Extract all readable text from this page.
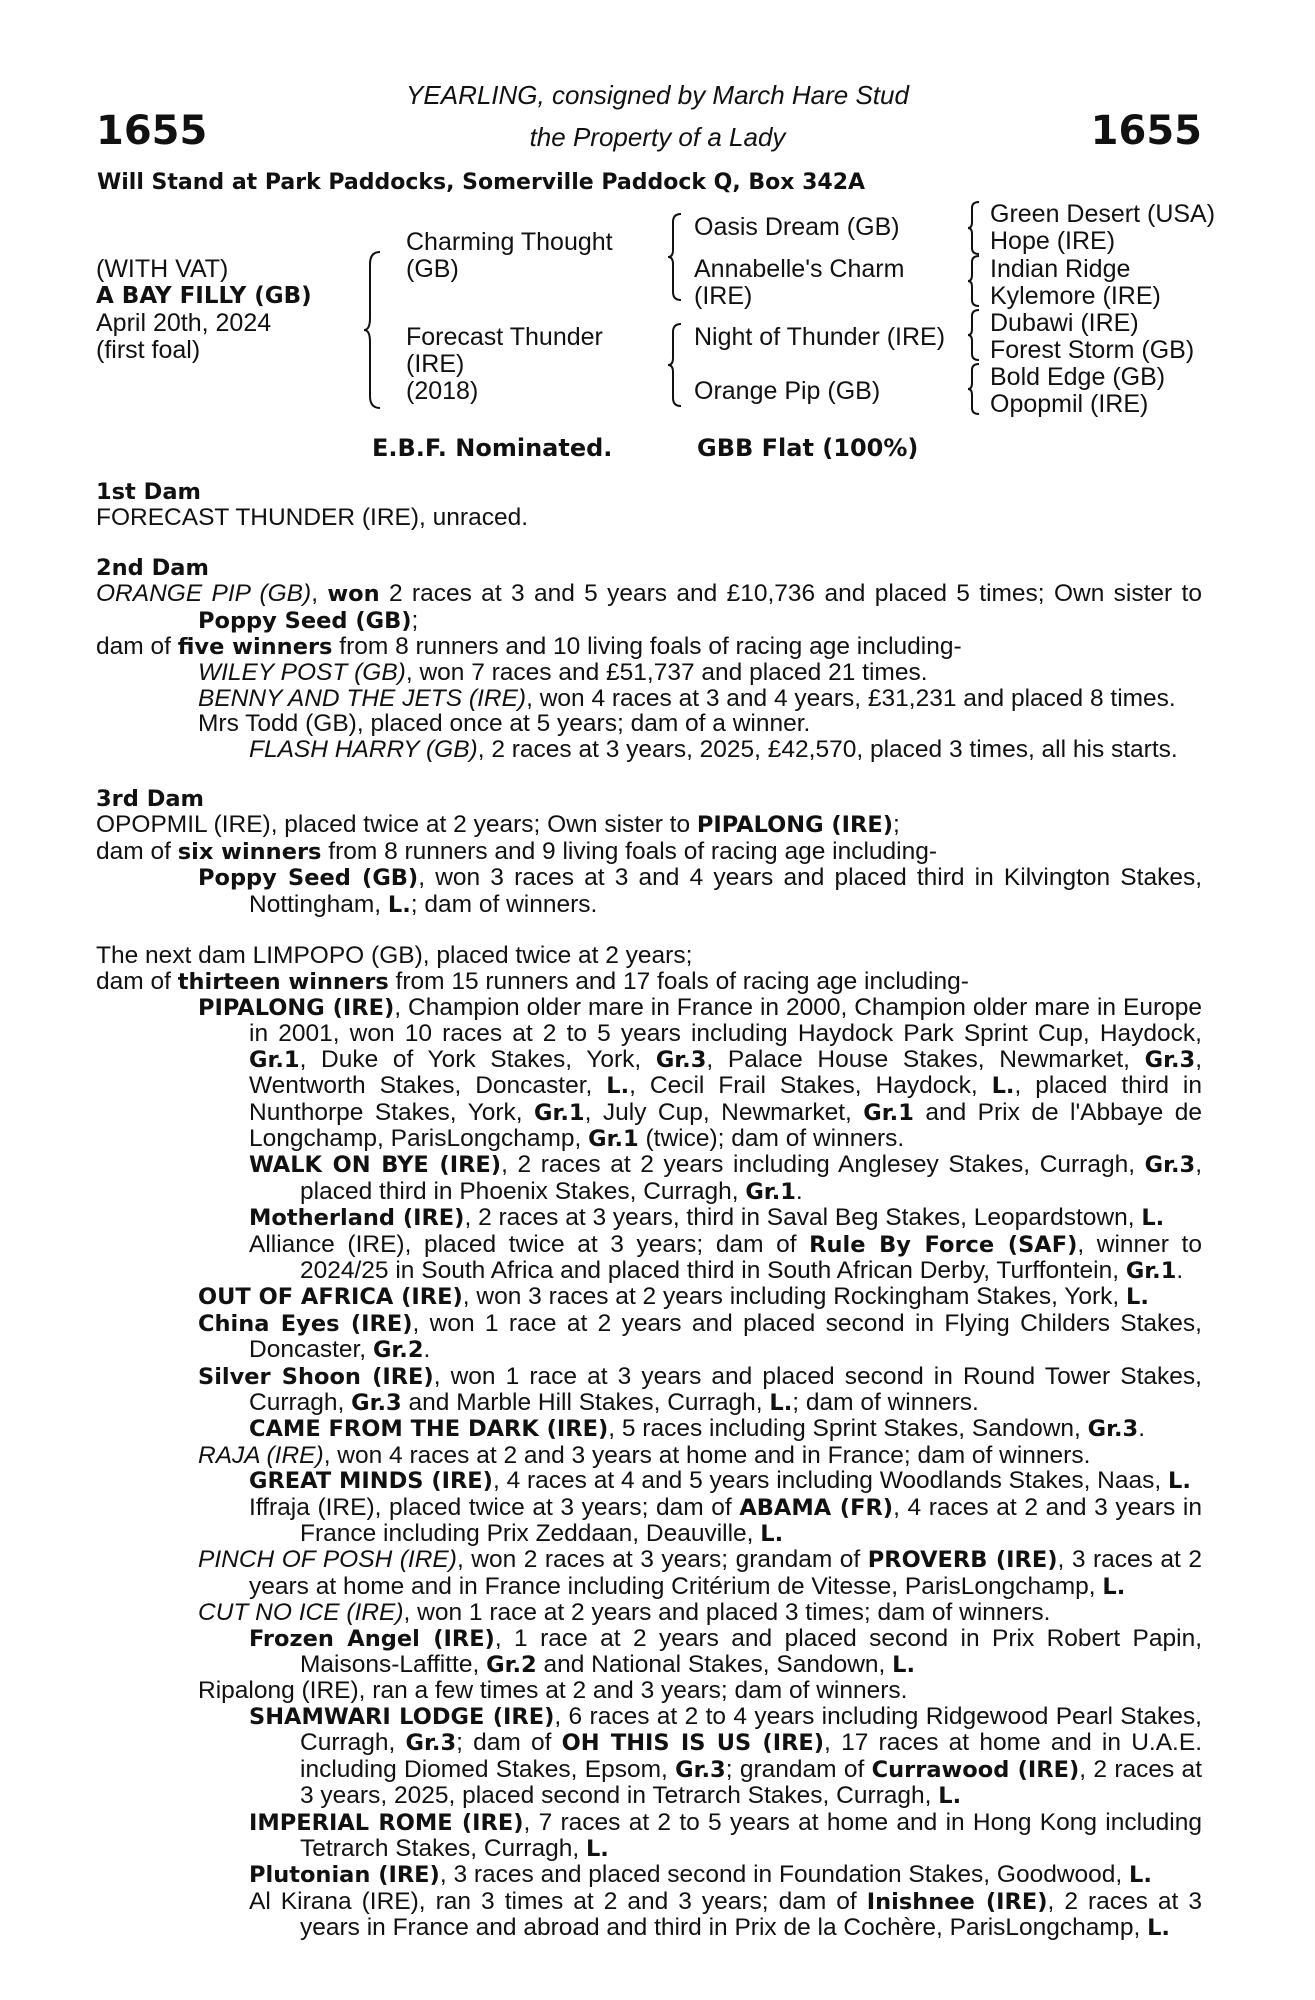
1655	1655
YEARLING, consigned by March Hare Stud
the Property of a Lady
Will Stand at Park Paddocks, Somerville Paddock Q, Box 342A
(WITH VAT)
A BAY FILLY (GB)
April 20th, 2024
(first foal)
Charming Thought
(GB)
Forecast Thunder
(IRE)
(2018)
Oasis Dream (GB)
Annabelle's Charm
(IRE)
Night of Thunder (IRE)
Orange Pip (GB)
Green Desert (USA)
Hope (IRE)
Indian Ridge
Kylemore (IRE)
Dubawi (IRE)
Forest Storm (GB)
Bold Edge (GB)
Opopmil (IRE)
E.B.F. Nominated.	GBB Flat (100%)

1st Dam

FORECAST THUNDER (IRE), unraced.

2nd Dam

ORANGE PIP (GB), won 2 races at 3 and 5 years and £10,736 and placed 5 times; Own sister to Poppy Seed (GB);

dam of five winners from 8 runners and 10 living foals of racing age including-

WILEY POST (GB), won 7 races and £51,737 and placed 21 times.

BENNY AND THE JETS (IRE), won 4 races at 3 and 4 years, £31,231 and placed 8 times.

Mrs Todd (GB), placed once at 5 years; dam of a winner.

FLASH HARRY (GB), 2 races at 3 years, 2025, £42,570, placed 3 times, all his starts.

3rd Dam

OPOPMIL (IRE), placed twice at 2 years; Own sister to PIPALONG (IRE);

dam of six winners from 8 runners and 9 living foals of racing age including-

Poppy Seed (GB), won 3 races at 3 and 4 years and placed third in Kilvington Stakes, Nottingham, L.; dam of winners.

The next dam LIMPOPO (GB), placed twice at 2 years;

dam of thirteen winners from 15 runners and 17 foals of racing age including-

PIPALONG (IRE), Champion older mare in France in 2000, Champion older mare in Europe in 2001, won 10 races at 2 to 5 years including Haydock Park Sprint Cup, Haydock, Gr.1, Duke of York Stakes, York, Gr.3, Palace House Stakes, Newmarket, Gr.3, Wentworth Stakes, Doncaster, L., Cecil Frail Stakes, Haydock, L., placed third in Nunthorpe Stakes, York, Gr.1, July Cup, Newmarket, Gr.1 and Prix de l'Abbaye de Longchamp, ParisLongchamp, Gr.1 (twice); dam of winners.

WALK ON BYE (IRE), 2 races at 2 years including Anglesey Stakes, Curragh, Gr.3, placed third in Phoenix Stakes, Curragh, Gr.1.

Motherland (IRE), 2 races at 3 years, third in Saval Beg Stakes, Leopardstown, L.

Alliance (IRE), placed twice at 3 years; dam of Rule By Force (SAF), winner to 2024/25 in South Africa and placed third in South African Derby, Turffontein, Gr.1.

OUT OF AFRICA (IRE), won 3 races at 2 years including Rockingham Stakes, York, L.

China Eyes (IRE), won 1 race at 2 years and placed second in Flying Childers Stakes, Doncaster, Gr.2.

Silver Shoon (IRE), won 1 race at 3 years and placed second in Round Tower Stakes, Curragh, Gr.3 and Marble Hill Stakes, Curragh, L.; dam of winners.

CAME FROM THE DARK (IRE), 5 races including Sprint Stakes, Sandown, Gr.3.

RAJA (IRE), won 4 races at 2 and 3 years at home and in France; dam of winners.

GREAT MINDS (IRE), 4 races at 4 and 5 years including Woodlands Stakes, Naas, L.

Iffraja (IRE), placed twice at 3 years; dam of ABAMA (FR), 4 races at 2 and 3 years in France including Prix Zeddaan, Deauville, L.

PINCH OF POSH (IRE), won 2 races at 3 years; grandam of PROVERB (IRE), 3 races at 2 years at home and in France including Critérium de Vitesse, ParisLongchamp, L.

CUT NO ICE (IRE), won 1 race at 2 years and placed 3 times; dam of winners.

Frozen Angel (IRE), 1 race at 2 years and placed second in Prix Robert Papin, Maisons-Laffitte, Gr.2 and National Stakes, Sandown, L.

Ripalong (IRE), ran a few times at 2 and 3 years; dam of winners.

SHAMWARI LODGE (IRE), 6 races at 2 to 4 years including Ridgewood Pearl Stakes, Curragh, Gr.3; dam of OH THIS IS US (IRE), 17 races at home and in U.A.E. including Diomed Stakes, Epsom, Gr.3; grandam of Currawood (IRE), 2 races at 3 years, 2025, placed second in Tetrarch Stakes, Curragh, L.

IMPERIAL ROME (IRE), 7 races at 2 to 5 years at home and in Hong Kong including Tetrarch Stakes, Curragh, L.

Plutonian (IRE), 3 races and placed second in Foundation Stakes, Goodwood, L.

Al Kirana (IRE), ran 3 times at 2 and 3 years; dam of Inishnee (IRE), 2 races at 3 years in France and abroad and third in Prix de la Cochère, ParisLongchamp, L.
